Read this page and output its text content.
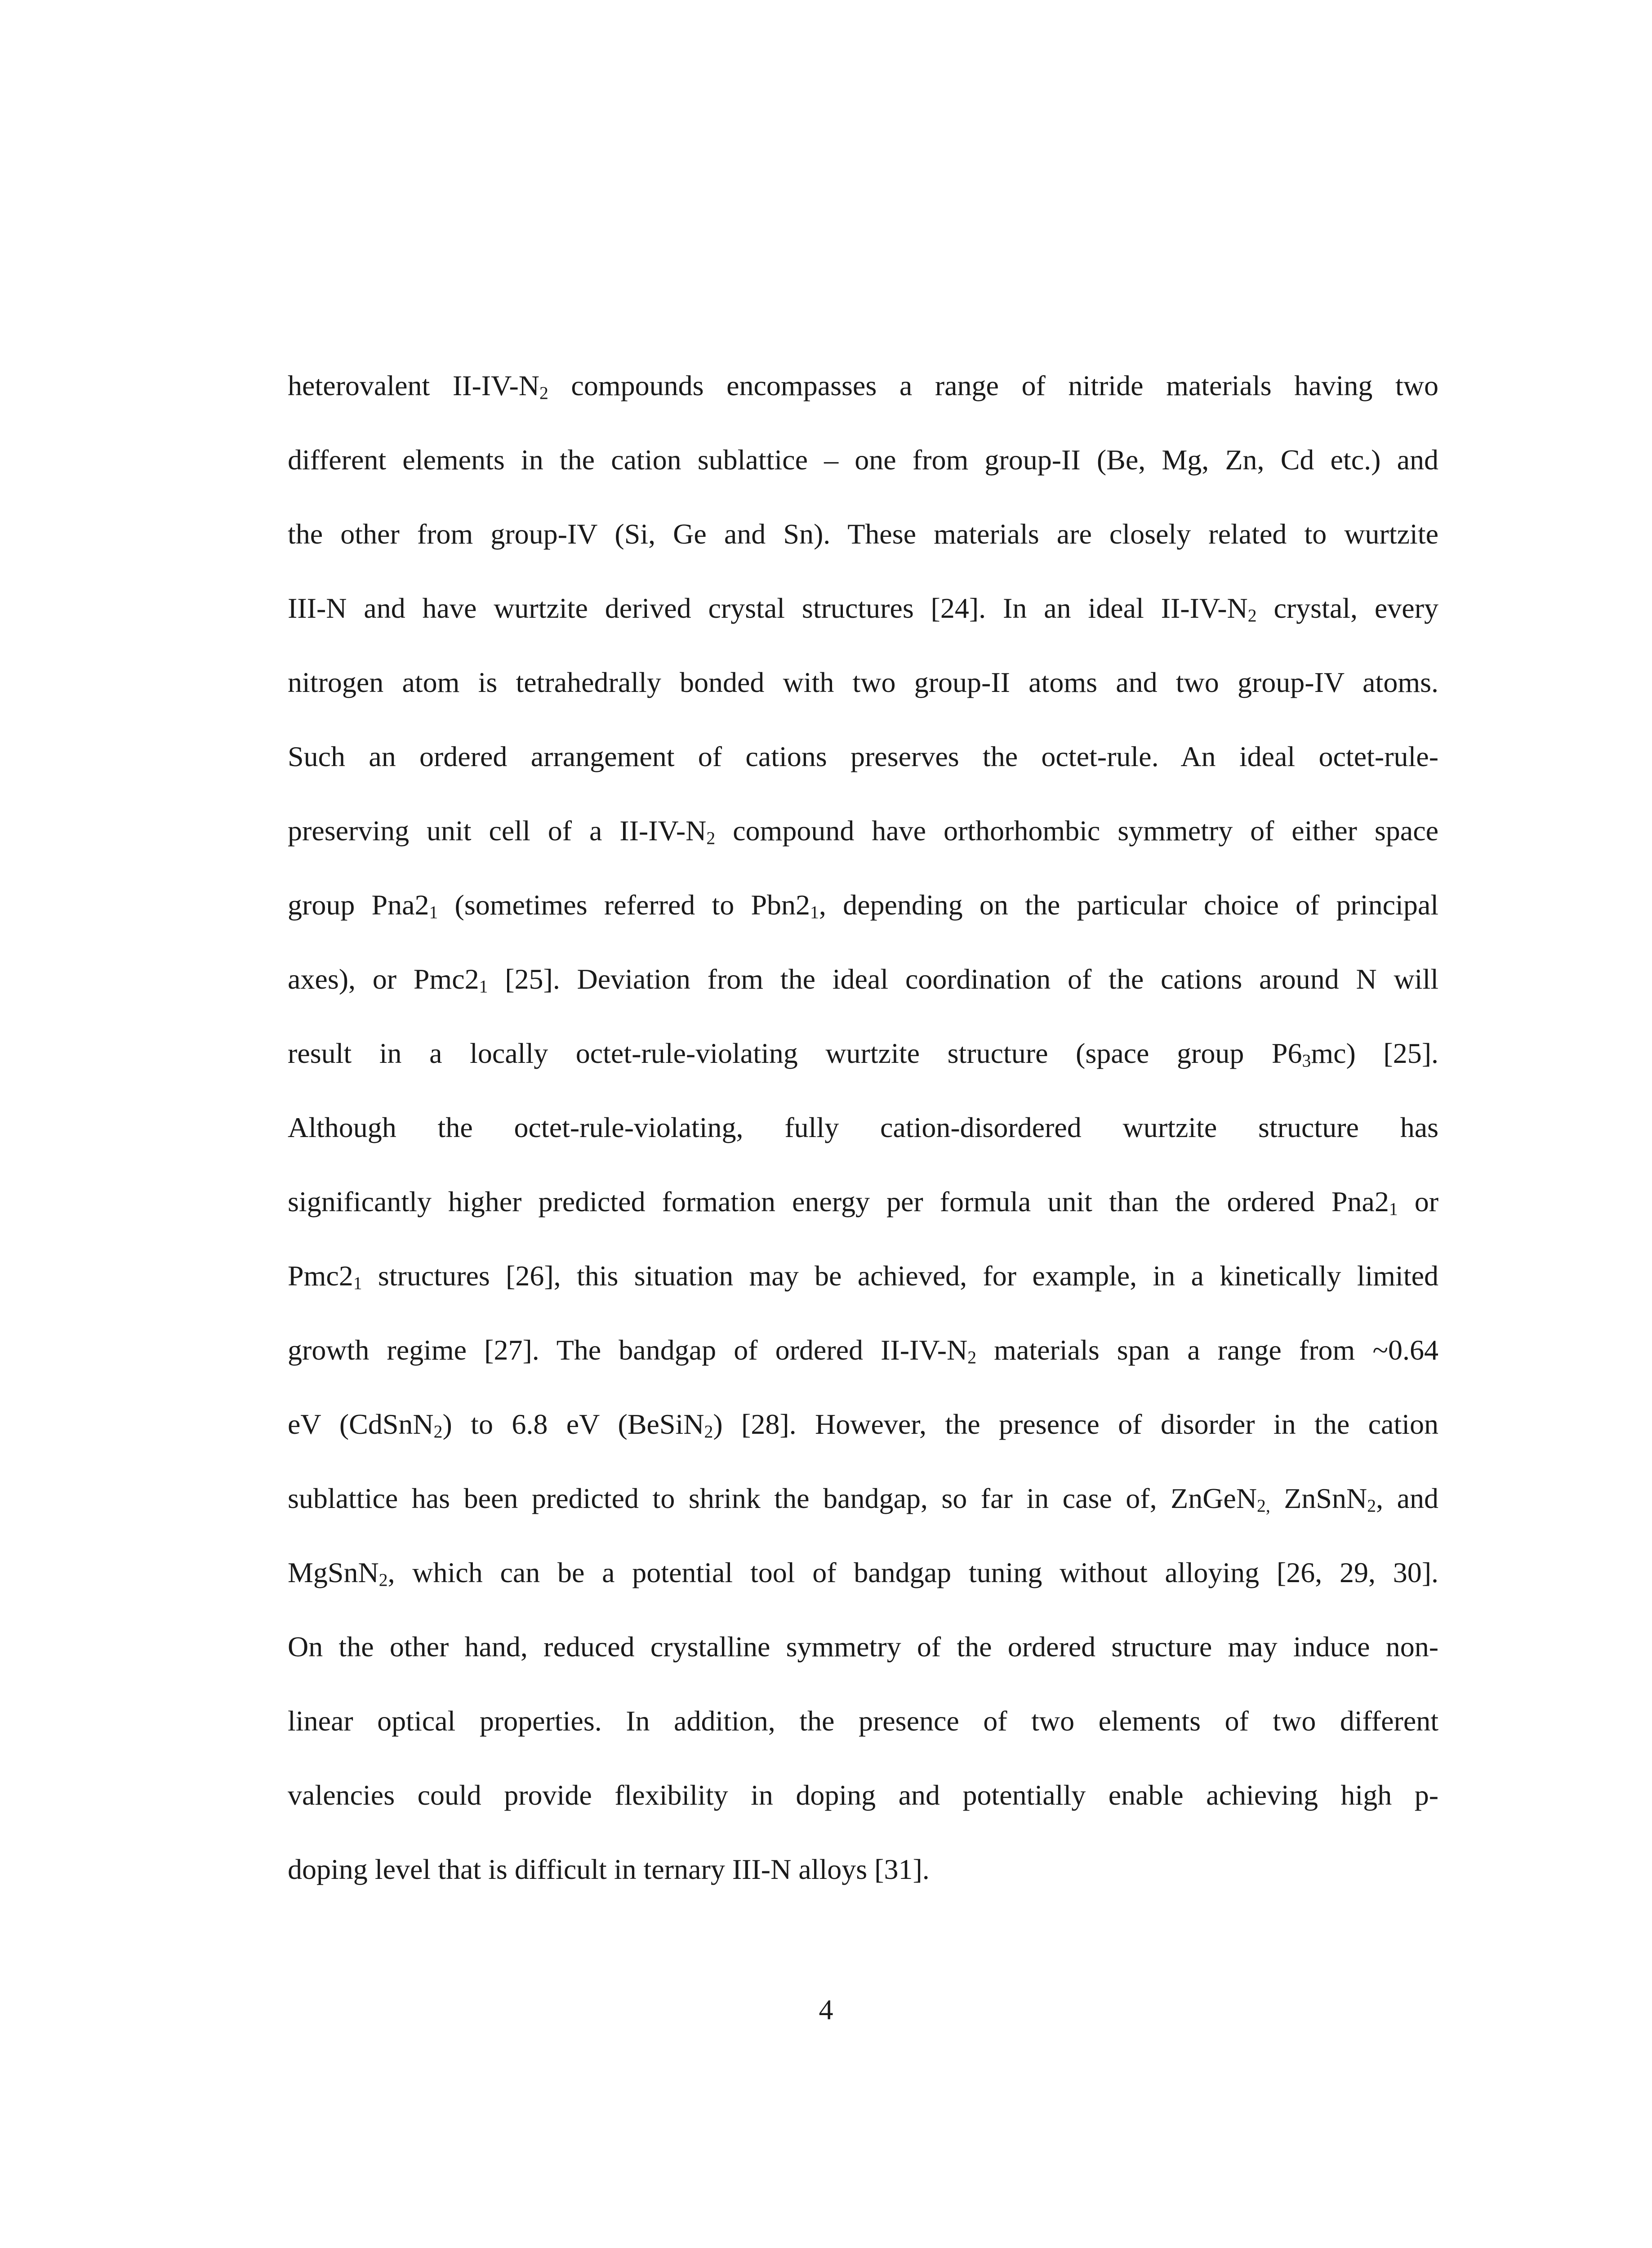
heterovalent $II-IV-N_2$ compounds encompasses a range of nitride materials having two
different elements in the cation sublattice – one from group-II (Be, Mg, Zn, Cd etc.) and
the other from group-IV (Si, Ge and Sn). These materials are closely related to wurtzite
III-N and have wurtzite derived crystal structures [24]. In an ideal $II-IV-N_2$ crystal, every
nitrogen atom is tetrahedrally bonded with two group-II atoms and two group-IV atoms.
Such an ordered arrangement of cations preserves the octet-rule. An ideal octet-rule-
preserving unit cell of a $II-IV-N_2$ compound have orthorhombic symmetry of either space
group $Pna2_1$ (sometimes referred to $Pbn2_1$, depending on the particular choice of principal
axes), or $Pmc2_1$ [25]. Deviation from the ideal coordination of the cations around N will
result in a locally octet-rule-violating wurtzite structure (space group $P6_3mc$) [25].
Although the octet-rule-violating, fully cation-disordered wurtzite structure has
significantly higher predicted formation energy per formula unit than the ordered $Pna2_1$ or
$Pmc2_1$ structures [26], this situation may be achieved, for example, in a kinetically limited
growth regime [27]. The bandgap of ordered $II-IV-N_2$ materials span a range from ~0.64
eV (CdSnN$_2$) to 6.8 eV (BeSiN$_2$) [28]. However, the presence of disorder in the cation
sublattice has been predicted to shrink the bandgap, so far in case of, ZnGeN$_{2,}$ ZnSnN$_2$, and
MgSnN$_2$, which can be a potential tool of bandgap tuning without alloying [26, 29, 30].
On the other hand, reduced crystalline symmetry of the ordered structure may induce non-
linear optical properties. In addition, the presence of two elements of two different
valencies could provide flexibility in doping and potentially enable achieving high p-
doping level that is difficult in ternary III-N alloys [31].

4
